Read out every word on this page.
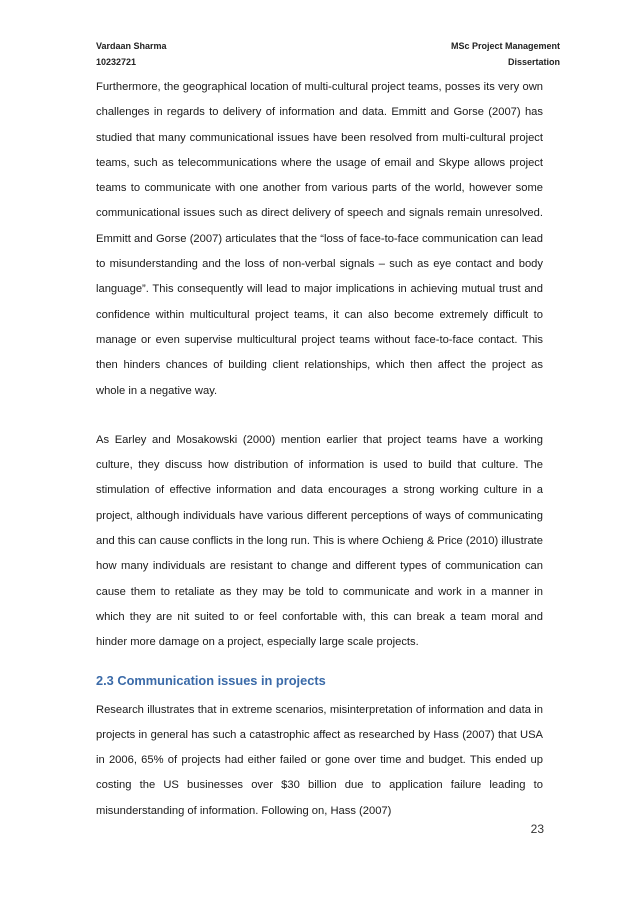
Vardaan Sharma
10232721
MSc Project Management
Dissertation

Furthermore, the geographical location of multi-cultural project teams, posses its very own challenges in regards to delivery of information and data. Emmitt and Gorse (2007) has studied that many communicational issues have been resolved from multi-cultural project teams, such as telecommunications where the usage of email and Skype allows project teams to communicate with one another from various parts of the world, however some communicational issues such as direct delivery of speech and signals remain unresolved. Emmitt and Gorse (2007) articulates that the “loss of face-to-face communication can lead to misunderstanding and the loss of non-verbal signals – such as eye contact and body language”. This consequently will lead to major implications in achieving mutual trust and confidence within multicultural project teams, it can also become extremely difficult to manage or even supervise multicultural project teams without face-to-face contact. This then hinders chances of building client relationships, which then affect the project as whole in a negative way.

As Earley and Mosakowski (2000) mention earlier that project teams have a working culture, they discuss how distribution of information is used to build that culture. The stimulation of effective information and data encourages a strong working culture in a project, although individuals have various different perceptions of ways of communicating and this can cause conflicts in the long run. This is where Ochieng & Price (2010) illustrate how many individuals are resistant to change and different types of communication can cause them to retaliate as they may be told to communicate and work in a manner in which they are nit suited to or feel confortable with, this can break a team moral and hinder more damage on a project, especially large scale projects.

2.3 Communication issues in projects

Research illustrates that in extreme scenarios, misinterpretation of information and data in projects in general has such a catastrophic affect as researched by Hass (2007) that USA in 2006, 65% of projects had either failed or gone over time and budget. This ended up costing the US businesses over $30 billion due to application failure leading to misunderstanding of information. Following on, Hass (2007)

23
